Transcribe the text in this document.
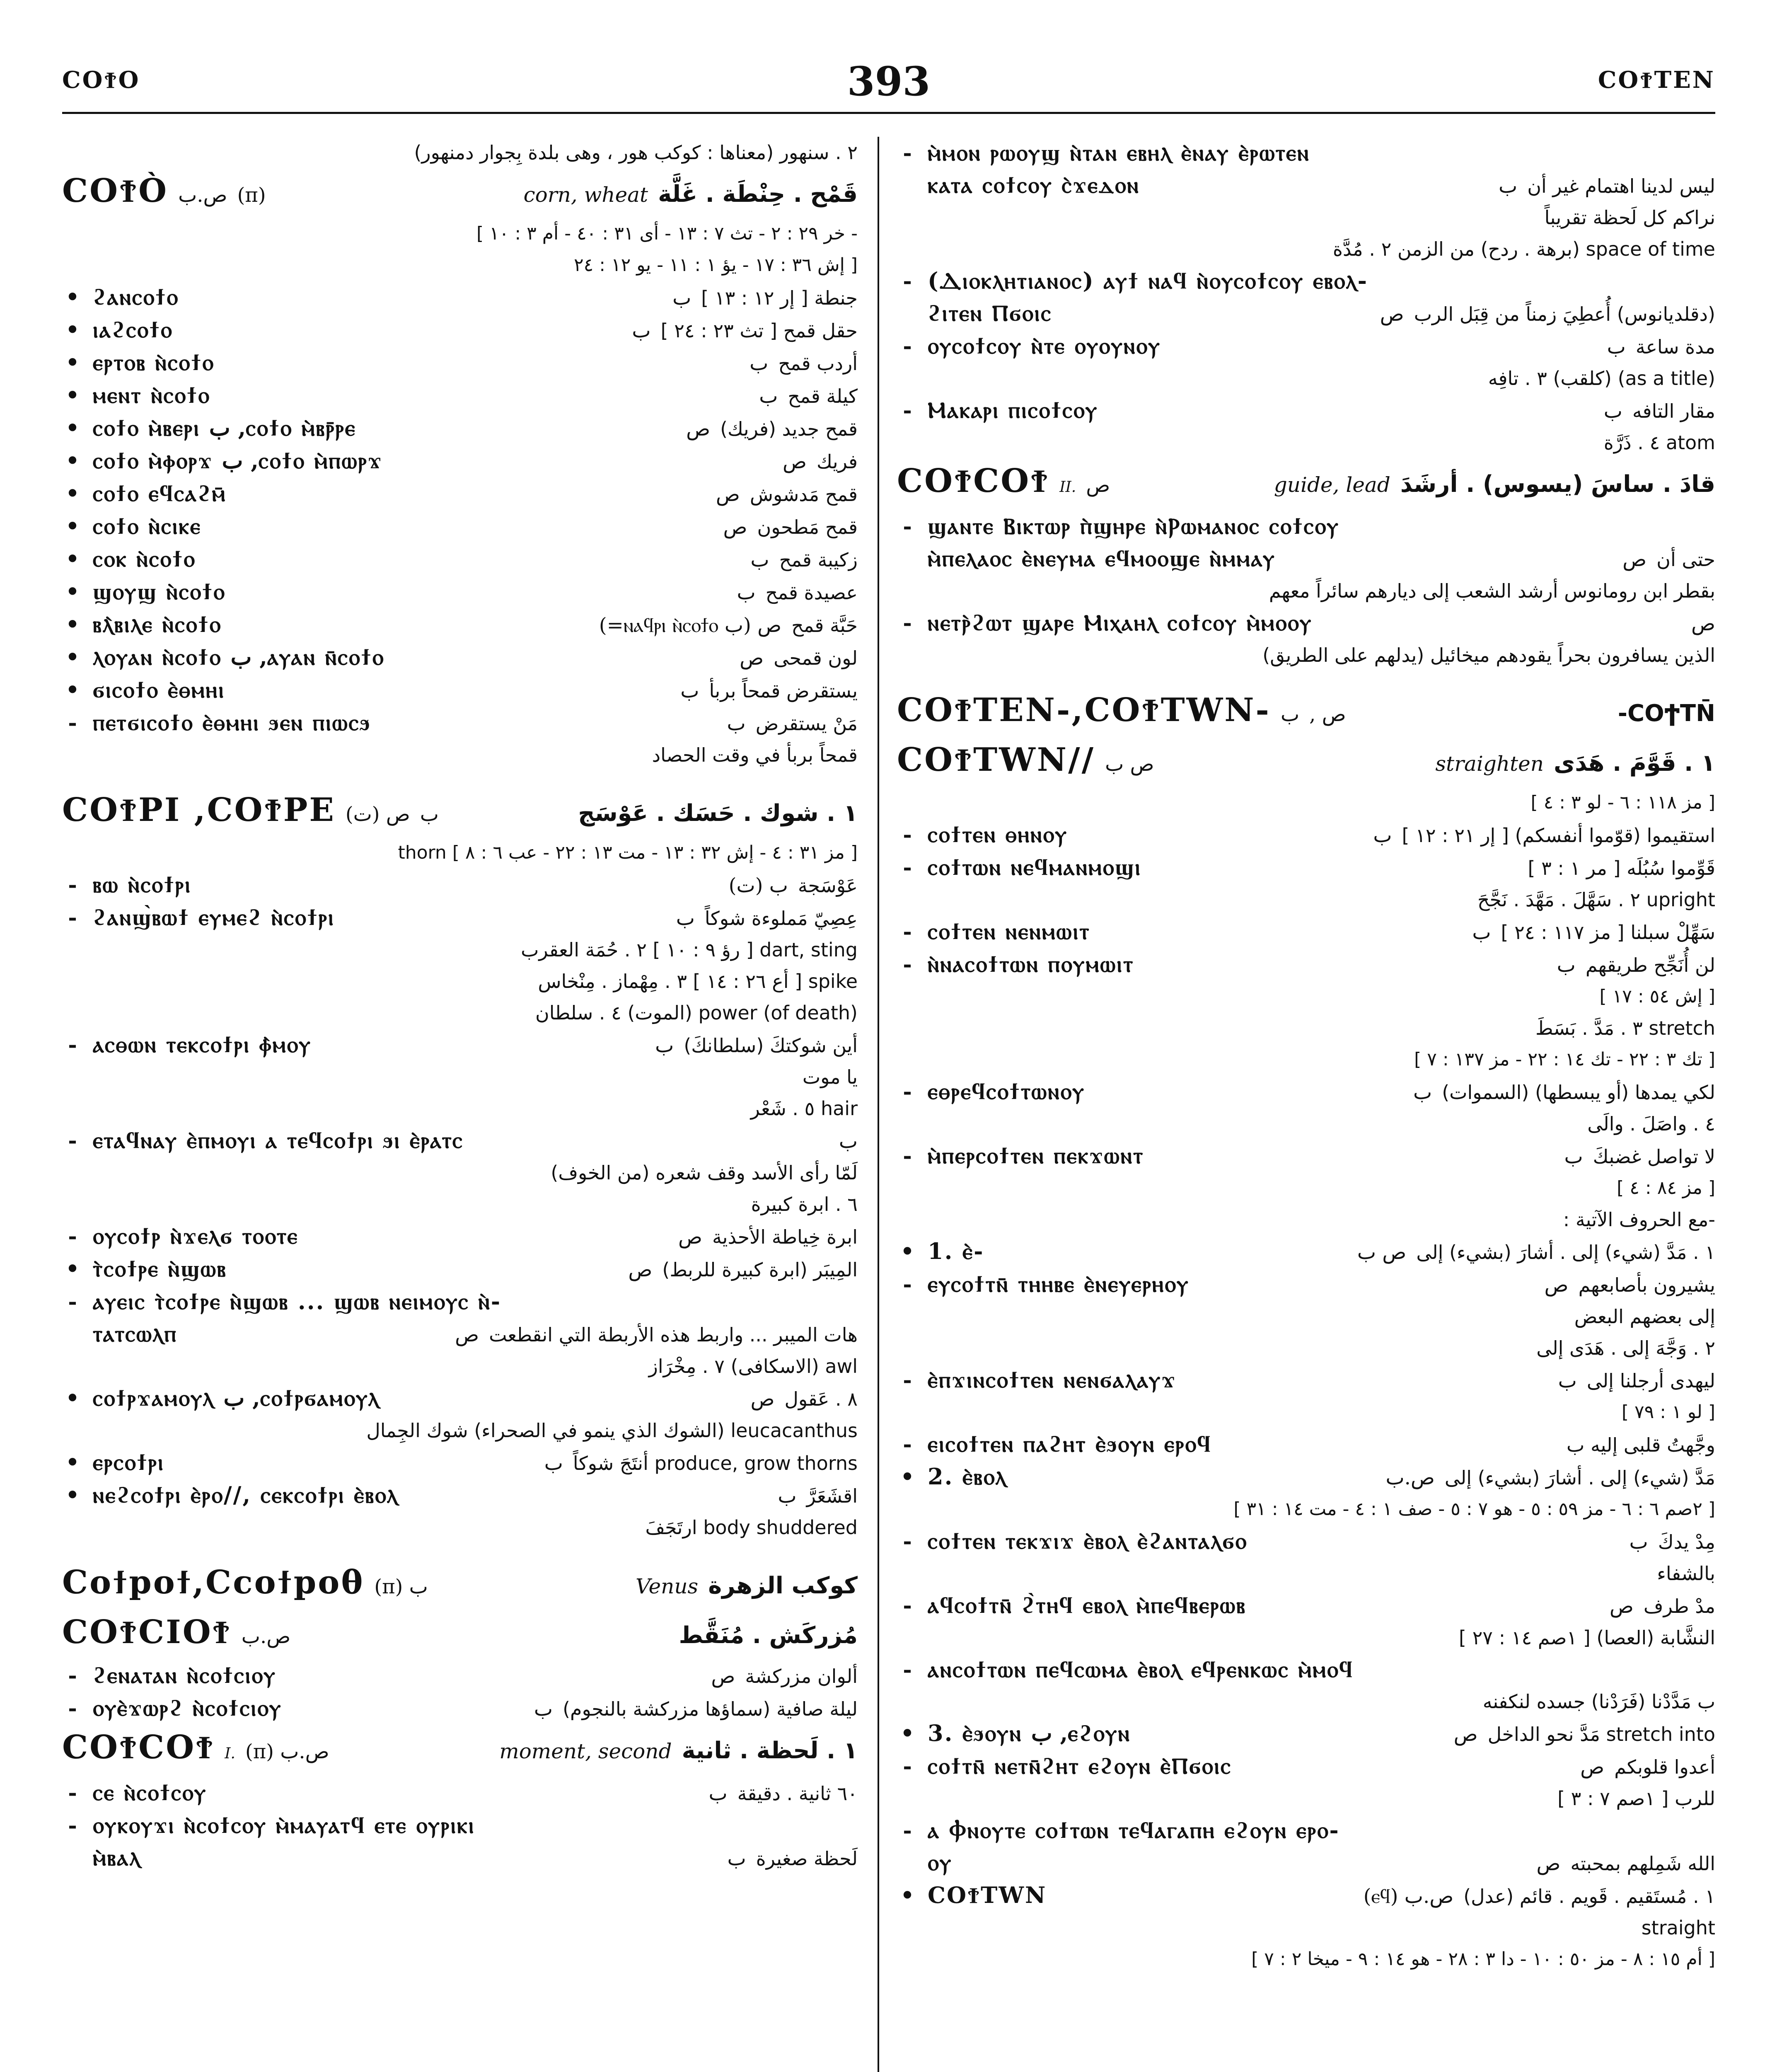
COϮO	393	COϮTEN
٢ . سنهور (معناها : كوكب هور ، وهى بلدة بِجوار دمنهور)
COϮÒ ص.ب (π)	corn, wheat قَمْح . حِنْطَة . غَلَّة
[ خر ٢٩ : ٢ - تث ٧ : ١٣ - أى ٣١ : ٤٠ - أم ٣ : ١٠ -
إش ٣٦ : ١٧ - يؤ ١ : ١١ - يو ١٢ : ٢٤ ]
• ϩⲁⲛⲥⲟϯⲟ	ب جنطة [ إر ١٢ : ١٣ ]
• ⲓⲁϩⲥⲟϯⲟ	ب حقل قمح [ تث ٢٣ : ٢٤ ]
• ⲉⲣⲧⲟⲃ ⲛ̀ⲥⲟϯⲟ	ب أردب قمح
• ⲙⲉⲛⲧ ⲛ̀ⲥⲟϯⲟ	ب كيلة قمح
• ⲥⲟϯⲟ ⲙ̀ⲃⲉⲣⲓ ب ,ⲥⲟϯⲟ ⲙ̀ⲃⲣ̄ⲣⲉ	ص قمح جديد (فريك)
• ⲥⲟϯⲟ ⲙ̀ⲫⲟⲣϫ ب ,ⲥⲟϯⲟ ⲙ̀ⲡⲱⲣϫ	ص فريك
• ⲥⲟϯⲟ ⲉϥⲥⲁϩⲙ̄	ص قمح مَدشوش
• ⲥⲟϯⲟ ⲛ̀ⲥⲓⲕⲉ	ص قمح مَطحون
• ⲥⲟⲕ ⲛ̀ⲥⲟϯⲟ	ب زكيبة قمح
• ϣⲟⲩϣ ⲛ̀ⲥⲟϯⲟ	ب عصيدة قمح
• ⲃⲗ̀ⲃⲓⲗⲉ ⲛ̀ⲥⲟϯⲟ	(=ⲛⲁϥⲣⲓ ⲛ̀ⲥⲟϯⲟ ب) ص حَبَّة قمح
• ⲗⲟⲩⲁⲛ ⲛ̀ⲥⲟϯⲟ ب ,ⲁⲩⲁⲛ ⲛ̄ⲥⲟϯⲟ	ص لون قمحى
• ϭⲓⲥⲟϯⲟ ⲉ̀ⲑⲙⲏⲓ	ب يستقرض قمحاً بربأ
- ⲡⲉⲧϭⲓⲥⲟϯⲟ ⲉ̀ⲑⲙⲏⲓ ϧⲉⲛ ⲡⲓⲱⲥϧ	ب مَنْ يستقرض
قمحاً بربأ في وقت الحصاد
COϮPI ,COϮPE (ت) ص ب	١ . شوك . حَسَك . عَوْسَج
thorn [ مز ٣١ : ٤ - إش ٣٢ : ١٣ - مت ١٣ : ٢٢ - عب ٦ : ٨ ]
- ⲃⲱ ⲛ̀ⲥⲟϯⲣⲓ	(ت) ب عَوْسَجة
- ϩⲁⲛϣ̀ⲃⲱϯ ⲉⲩⲙⲉϩ ⲛ̀ⲥⲟϯⲣⲓ	ب عِصِيّ مَملوءة شوكاً
dart, sting [ رؤ ٩ : ١٠ ] ٢ . حُمَة العقرب
spike [ أع ٢٦ : ١٤ ] ٣ . مِهْماز . مِنْخاس
power (of death) (الموت) ٤ . سلطان
- ⲁⲥⲑⲱⲛ ⲧⲉⲕⲥⲟϯⲣⲓ ⲫ̀ⲙⲟⲩ	ب أين شوكتكَ (سلطانكَ)
يا موت
hair ٥ . شَعْر
- ⲉⲧⲁϥⲛⲁⲩ ⲉ̀ⲡⲙⲟⲩⲓ ⲁ ⲧⲉϥⲥⲟϯⲣⲓ ϧⲓ ⲉ̀ⲣⲁⲧⲥ	ب
لَمّا رأى الأسد وقف شعره (من الخوف)
٦ . ابرة كبيرة
- ⲟⲩⲥⲟϯⲣ ⲛ̀ϫⲉⲗϭ ⲧⲟⲟⲧⲉ	ص ابرة خِياطة الأحذية
• ⲧ̀ⲥⲟϯⲣⲉ ⲛ̀ϣⲱⲃ	ص المِيبَر (ابرة كبيرة للربط)
- ⲁⲩⲉⲓⲥ ⲧ̀ⲥⲟϯⲣⲉ ⲛ̀ϣⲱⲃ ... ϣⲱⲃ ⲛⲉⲓⲙⲟⲩⲥ ⲛ̀-
ⲧⲁⲧⲥⲱⲗⲡ	ص هات الميبر ... واربط هذه الأربطة التي انقطعت
awl (الاسكافى) ٧ . مِخْرَاز
• ⲥⲟϯⲣϫⲁⲙⲟⲩⲗ ب ,ⲥⲟϯⲣϭⲁⲙⲟⲩⲗ	ص ٨ . عَقول
leucacanthus (الشوك الذي ينمو في الصحراء) شوك الجِمال
• ⲉⲣⲥⲟϯⲣⲓ	ب produce, grow thorns أنتَجَ شوكاً
• ⲛⲉϩⲥⲟϯⲣⲓ ⲉ̀ⲣⲟ//, ⲥⲉⲕⲥⲟϯⲣⲓ ⲉ̀ⲃⲟⲗ	ب اقشَعَرَّ
body shuddered ارتَجَفَ
Coϯpoϯ,Ccoϯpoθ (π) ب	Venus كوكب الزهرة
COϮCIOϮ ص.ب	مُزركَش . مُنَقَّط
- ϩⲉⲛⲁⲧⲁⲛ ⲛ̀ⲥⲟϯⲥⲓⲟⲩ	ص ألوان مزركشة
- ⲟⲩⲉ̀ϫⲱⲣϩ ⲛ̀ⲥⲟϯⲥⲓⲟⲩ	ب ليلة صافية (سماؤها مزركشة بالنجوم)
COϮCOϮ I. (π) ص.ب	moment, second ١ . لَحظة . ثانية
- ⲥⲉ ⲛ̀ⲥⲟϯⲥⲟⲩ	ب ٦٠ ثانية . دقيقة
- ⲟⲩⲕⲟⲩϫⲓ ⲛ̀ⲥⲟϯⲥⲟⲩ ⲙ̀ⲙⲁⲩⲁⲧϥ ⲉⲧⲉ ⲟⲩⲣⲓⲕⲓ
ⲙ̀ⲃⲁⲗ	ب لَحظة صغيرة
- ⲙ̀ⲙⲟⲛ ⲣⲱⲟⲩϣ ⲛ̀ⲧⲁⲛ ⲉⲃⲏⲗ ⲉ̀ⲛⲁⲩ ⲉ̀ⲣⲱⲧⲉⲛ
ⲕⲁⲧⲁ ⲥⲟϯⲥⲟⲩ ⲥ̀ϫⲉⲇⲟⲛ	ب ليس لدينا اهتمام غير أن
نراكم كل لَحظة تقريباً
space of time (برهة . ردح) من الزمن ٢ . مُدَّة
- (Ⲇⲓⲟⲕⲗⲏⲧⲓⲁⲛⲟⲥ) ⲁⲩϯ ⲛⲁϥ ⲛ̀ⲟⲩⲥⲟϯⲥⲟⲩ ⲉⲃⲟⲗ-
ϩⲓⲧⲉⲛ Ⲡϭⲟⲓⲥ	ص (دقلديانوس) أُعطِيَ زمناً من قِبَل الرب
- ⲟⲩⲥⲟϯⲥⲟⲩ ⲛ̀ⲧⲉ ⲟⲩⲟⲩⲛⲟⲩ	ب مدة ساعة
(as a title) (كلقب) ٣ . تافِه
- Ⲙⲁⲕⲁⲣⲓ ⲡⲓⲥⲟϯⲥⲟⲩ	ب مقار التافه
atom ٤ . ذَرَّة
COϮCOϮ II. ص	guide, lead قادَ . ساسَ (يسوس) . أرشَدَ
- ϣⲁⲛⲧⲉ Ⲃⲓⲕⲧⲱⲣ ⲡ̀ϣⲏⲣⲉ ⲛ̀Ⲣⲱⲙⲁⲛⲟⲥ ⲥⲟϯⲥⲟⲩ
ⲙ̀ⲡⲉⲗⲁⲟⲥ ⲉ̀ⲛⲉⲩⲙⲁ ⲉϥⲙⲟⲟϣⲉ ⲛ̀ⲙⲙⲁⲩ	ص حتى أن
بقطر ابن رومانوس أرشد الشعب إلى ديارهم سائراً معهم
- ⲛⲉⲧⲣ̀ϩⲱⲧ ϣⲁⲣⲉ Ⲙⲓⲭⲁⲏⲗ ⲥⲟϯⲥⲟⲩ ⲙ̀ⲙⲟⲟⲩ	ص
الذين يسافرون بحراً يقودهم ميخائيل (يدلهم على الطريق)
COϮTEN-,COϮTWN- ب , ص	COϮTN̄-
COϮTWN// ص ب	straighten ١ . قَوَّمَ . هَدَى
[ مز ١١٨ : ٦ - لو ٣ : ٤ ]
- ⲥⲟϯⲧⲉⲛ ⲑⲏⲛⲟⲩ	ب استقيموا (قوّموا أنفسكم) [ إر ٢١ : ١٢ ]
- ⲥⲟϯⲧⲱⲛ ⲛⲉϥⲙⲁⲛⲙⲟϣⲓ	قَوِّموا سُبُلَه [ مر ١ : ٣ ]
upright ٢ . سَهَّلَ . مَهَّدَ . نَجَّحَ
- ⲥⲟϯⲧⲉⲛ ⲛⲉⲛⲙⲱⲓⲧ	ب سَهِّلْ سبلنا [ مز ١١٧ : ٢٤ ]
- ⲛ̀ⲛⲁⲥⲟϯⲧⲱⲛ ⲡⲟⲩⲙⲱⲓⲧ	ب لن أُنَجِّح طريقهم
[ إش ٥٤ : ١٧ ]
stretch ٣ . مَدَّ . بَسَطَ
[ تك ٣ : ٢٢ - تك ١٤ : ٢٢ - مز ١٣٧ : ٧ ]
- ⲉⲑⲣⲉϥⲥⲟϯⲧⲱⲛⲟⲩ	ب لكي يمدها (أو يبسطها) (السموات)
٤ . واصَلَ . والَى
- ⲙ̀ⲡⲉⲣⲥⲟϯⲧⲉⲛ ⲡⲉⲕϫⲱⲛⲧ	ب لا تواصل غضبكَ
[ مز ٨٤ : ٤ ]
-مع الحروف الآتية :
• 1. ⲉ̀-	ص ب ١ . مَدَّ (شيء) إلى . أشارَ (بشيء) إلى
- ⲉⲩⲥⲟϯⲧⲛ̄ ⲧⲏⲏⲃⲉ ⲉ̀ⲛⲉⲩⲉⲣⲏⲟⲩ	ص يشيرون بأصابعهم
إلى بعضهم البعض
٢ . وَجَّهَ إلى . هَدَى إلى
- ⲉ̀ⲡϫⲓⲛⲥⲟϯⲧⲉⲛ ⲛⲉⲛϭⲁⲗⲁⲩϫ	ب ليهدى أرجلنا إلى
[ لو ١ : ٧٩ ]
- ⲉⲓⲥⲟϯⲧⲉⲛ ⲡⲁϩⲏⲧ ⲉ̀ϧⲟⲩⲛ ⲉⲣⲟϥ	وجَّهتُ قلبى إليه ب
• 2. ⲉ̀ⲃⲟⲗ	ص.ب مَدَّ (شيء) إلى . أشارَ (بشيء) إلى
[ ٢صم ٦ : ٦ - مز ٥٩ : ٥ - هو ٧ : ٥ - صف ١ : ٤ - مت ١٤ : ٣١ ]
- ⲥⲟϯⲧⲉⲛ ⲧⲉⲕϫⲓϫ ⲉ̀ⲃⲟⲗ ⲉ̀ϩⲁⲛⲧⲁⲗϭⲟ	ب مِدْ يدكَ
بالشفاء
- ⲁϥⲥⲟϯⲧⲛ̄ ϩ̀ⲧⲏϥ ⲉⲃⲟⲗ ⲙ̀ⲡⲉϥⲃⲉⲣⲱⲃ	ص مدْ طرف
النشَّابة (العصا) [ ١صم ١٤ : ٢٧ ]
- ⲁⲛⲥⲟϯⲧⲱⲛ ⲡⲉϥⲥⲱⲙⲁ ⲉ̀ⲃⲟⲗ ⲉϥⲣⲉⲛⲕⲱⲥ ⲙ̀ⲙⲟϥ
ب مَدَّدْنا (فَرَدْنا) جسده لنكفنه
• 3. ⲉ̀ϧⲟⲩⲛ ب ,ⲉϩⲟⲩⲛ	ص stretch into مَدَّ نحو الداخل
- ⲥⲟϯⲧⲛ̄ ⲛⲉⲧⲛ̄ϩⲏⲧ ⲉϩⲟⲩⲛ ⲉ̀Ⲡϭⲟⲓⲥ	ص أعدوا قلوبكم
للرب [ ١صم ٧ : ٣ ]
- ⲁ Ⲫⲛⲟⲩⲧⲉ ⲥⲟϯⲧⲱⲛ ⲧⲉϥⲁⲅⲁⲡⲏ ⲉϩⲟⲩⲛ ⲉⲣⲟ-
ⲟⲩ	ص الله شَمِلهم بمحبته
• COϮTWN	(ⲉϥ) ص.ب ١ . مُستَقيم . قَويم . قائم (عدل)
straight
[ أم ١٥ : ٨ - مز ٥٠ : ١٠ - دا ٣ : ٢٨ - هو ١٤ : ٩ - ميخا ٢ : ٧ ]
